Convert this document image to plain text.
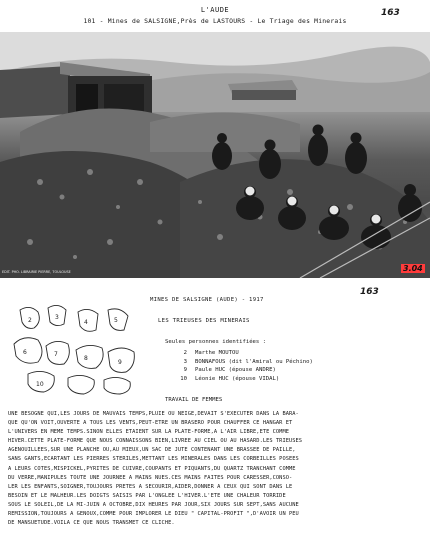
L'AUDE
101 - Mines de SALSIGNE,Près de LASTOURS - Le Triage des Minerais
163
EDIT. PHO. LIBRAIRIE PIERRE, TOULOUSE	3.04
2	3
4	5
6	7
8
9
10
163
MINES DE SALSIGNE (AUDE) - 1917
LES TRIEUSES DES MINERAIS
Seules personnes identifiées :
2 Marthe MOUTOU
3 BONNAFOUS (dit l'Amiral ou Péchino)
9 Paule HUC (épouse ANDRE)
10 Léonie HUC (épouse VIDAL)
TRAVAIL DE FEMMES
UNE BESOGNE QUI,LES JOURS DE MAUVAIS TEMPS,PLUIE OU NEIGE,DEVAIT S'EXECUTER DANS LA BARA-
QUE QU'ON VOIT,OUVERTE A TOUS LES VENTS,PEUT-ETRE UN BRASERO POUR CHAUFFER CE HANGAR ET
L'UNIVERS EN MEME TEMPS.SINON ELLES ETAIENT SUR LA PLATE-FORME,A L'AIR LIBRE,ETE COMME
HIVER.CETTE PLATE-FORME QUE NOUS CONNAISSONS BIEN,LIVREE AU CIEL OU AU HASARD.LES TRIEUSES
AGENOUILLEES,SUR UNE PLANCHE OU,AU MIEUX,UN SAC DE JUTE CONTENANT UNE BRASSEE DE PAILLE,
SANS GANTS,ECARTANT LES PIERRES STERILES,METTANT LES MINERALES DANS LES CORBEILLES POSEES
A LEURS COTES,MISPICKEL,PYRITES DE CUIVRE,COUPANTS ET PIQUANTS,DU QUARTZ TRANCHANT COMME
DU VERRE,MANIPULES TOUTE UNE JOURNEE A MAINS NUES.CES MAINS FAITES POUR CARESSER,CONSO-
LER LES ENFANTS,SOIGNER,TOUJOURS PRETES A SECOURIR,AIDER,DONNER A CEUX QUI SONT DANS LE
BESOIN ET LE MALHEUR.LES DOIGTS SAISIS PAR L'ONGLEE L'HIVER.L'ETE UNE CHALEUR TORRIDE
SOUS LE SOLEIL,DE LA MI-JUIN A OCTOBRE,DIX HEURES PAR JOUR,SIX JOURS SUR SEPT,SANS AUCUNE
REMISSION,TOUJOURS A GENOUX,COMME POUR IMPLORER LE DIEU " CAPITAL-PROFIT ",D'AVOIR UN PEU
DE MANSUETUDE.VOILA CE QUE NOUS TRANSMET CE CLICHE.
